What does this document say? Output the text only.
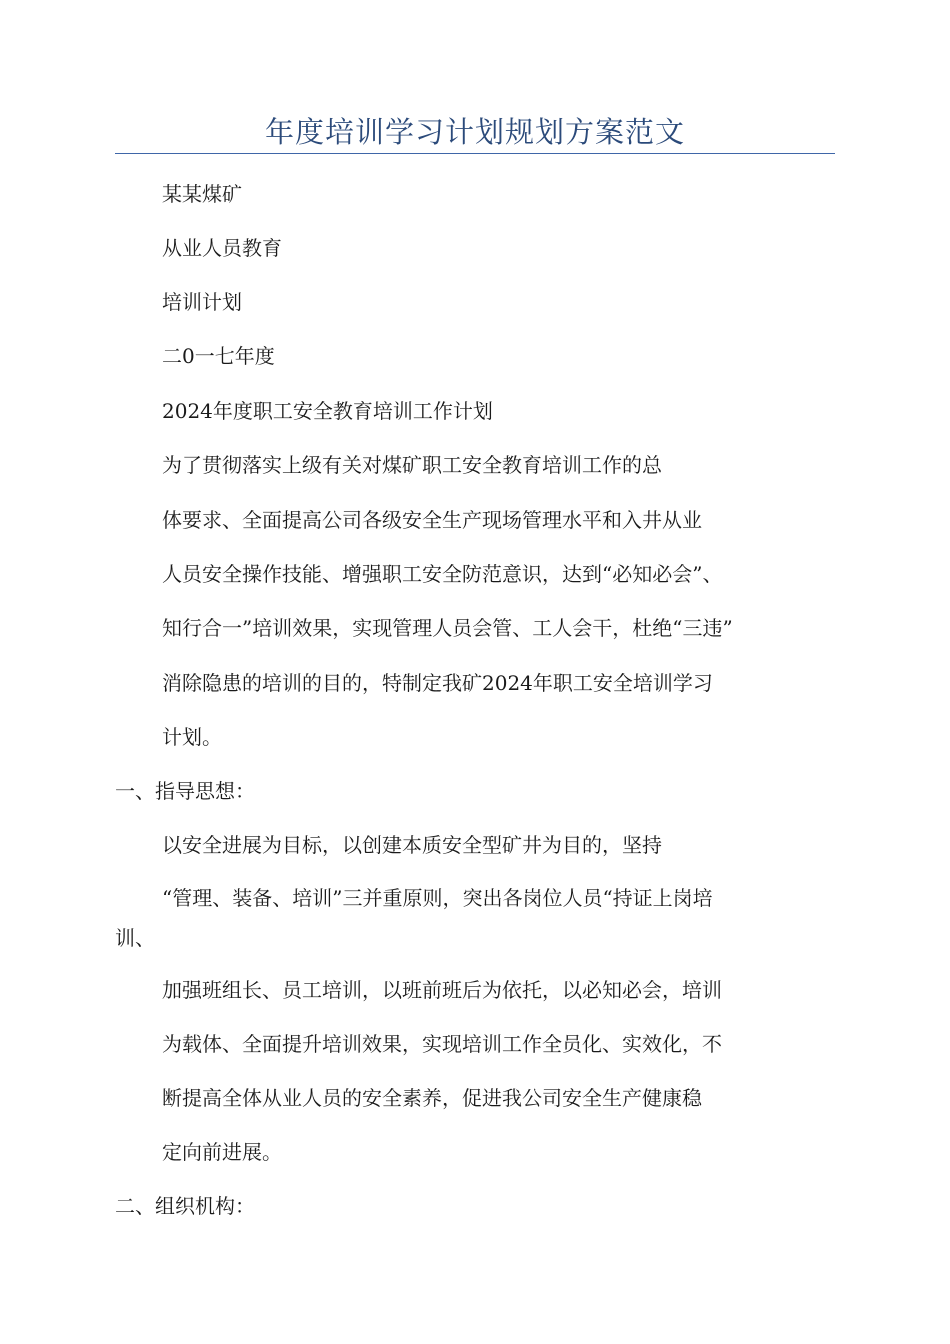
年度培训学习计划规划方案范文
某某煤矿
从业人员教育
培训计划
二0一七年度
2024年度职工安全教育培训工作计划
为了贯彻落实上级有关对煤矿职工安全教育培训工作的总
体要求、全面提高公司各级安全生产现场管理水平和入井从业
人员安全操作技能、增强职工安全防范意识，达到“必知必会”、
知行合一”培训效果，实现管理人员会管、工人会干，杜绝“三违”
消除隐患的培训的目的，特制定我矿2024年职工安全培训学习
计划。
一、指导思想：
以安全进展为目标，以创建本质安全型矿井为目的，坚持
“管理、装备、培训”三并重原则，突出各岗位人员“持证上岗培
训、
加强班组长、员工培训，以班前班后为依托，以必知必会，培训
为载体、全面提升培训效果，实现培训工作全员化、实效化，不
断提高全体从业人员的安全素养，促进我公司安全生产健康稳
定向前进展。
二、组织机构：
